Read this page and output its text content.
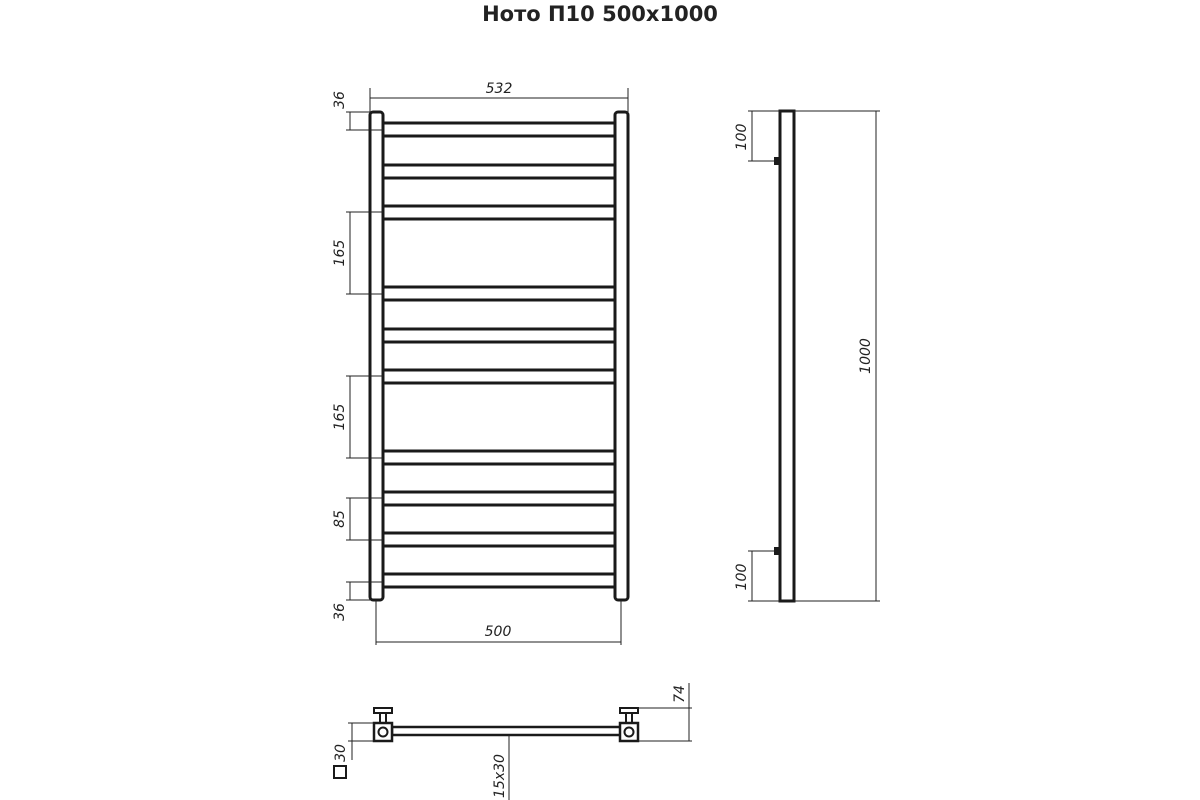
Ното П10 500x1000
532
500
36
165
165
85
36
100
100
1000
74
30
15x30
